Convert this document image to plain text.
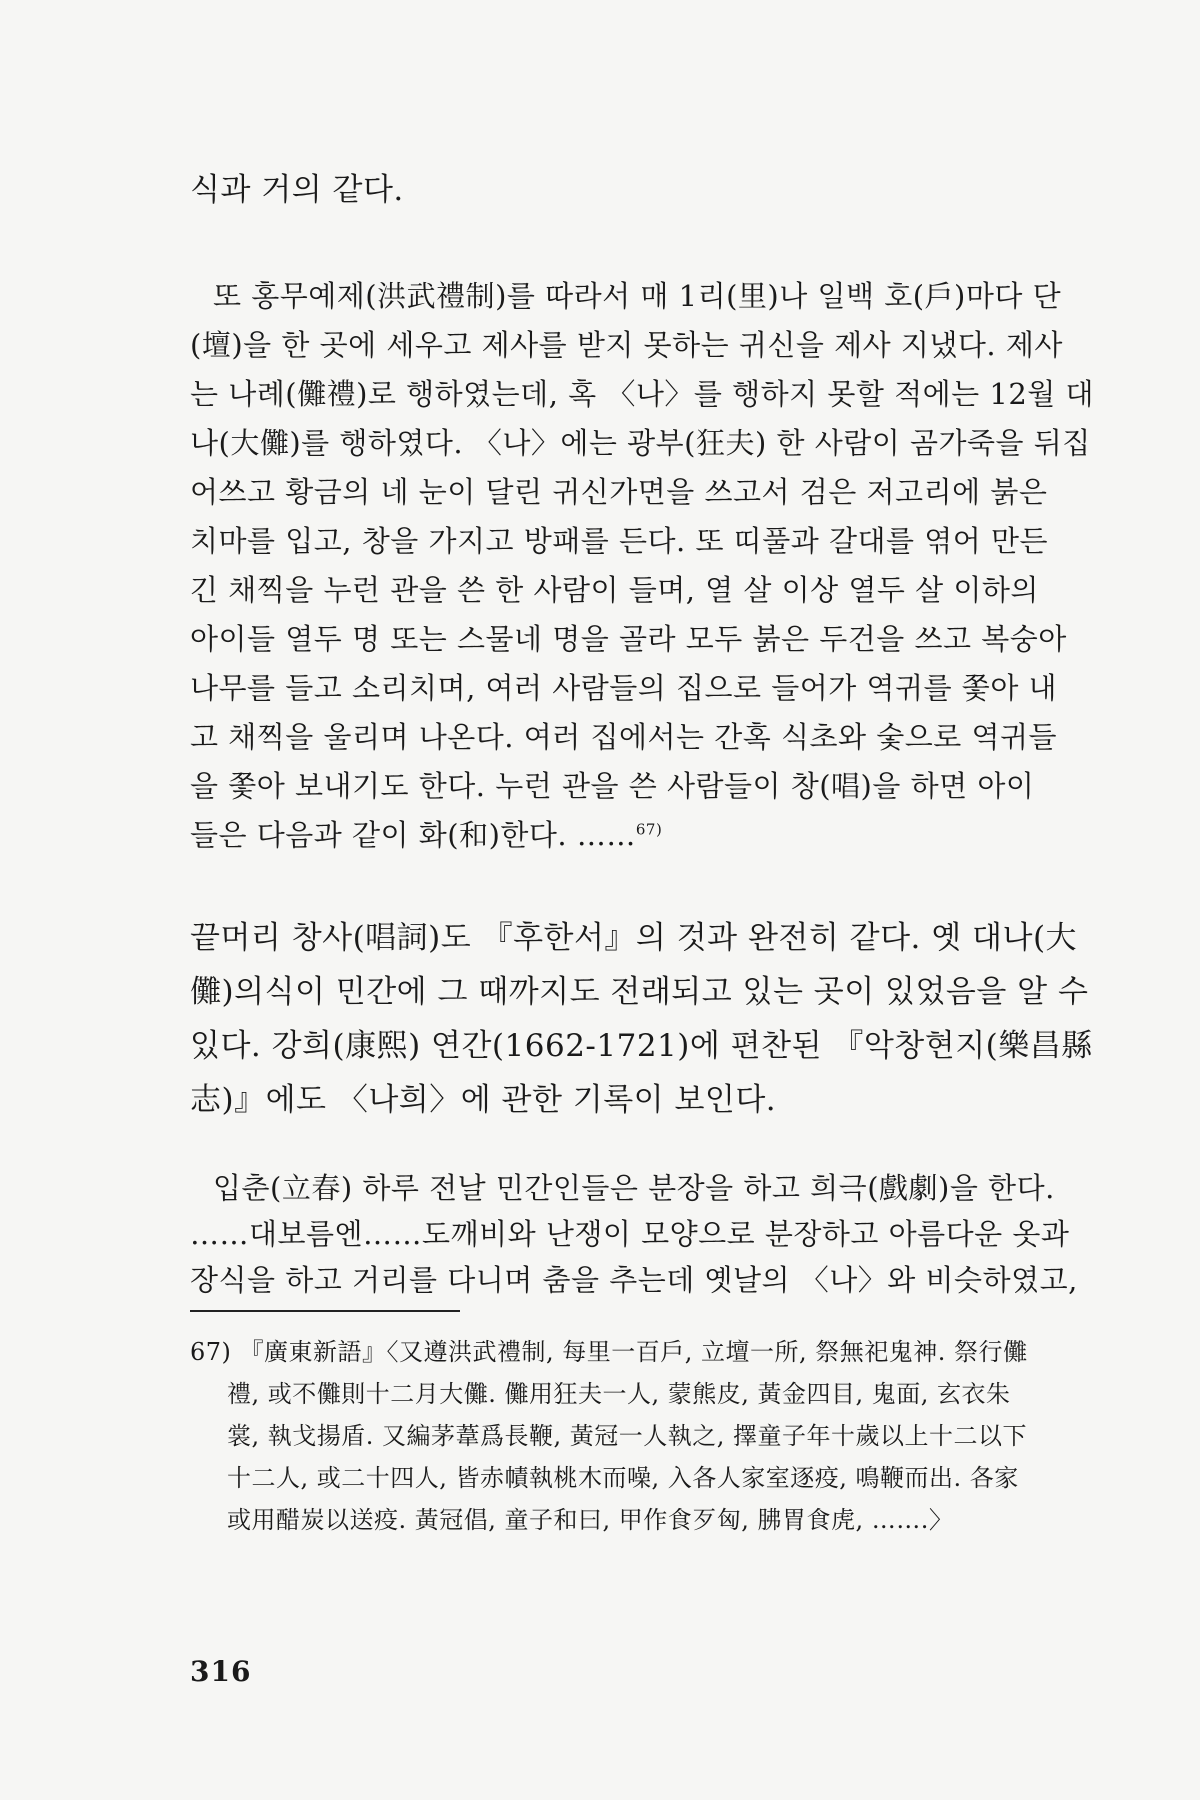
식과 거의 같다.
또 홍무예제(洪武禮制)를 따라서 매 1리(里)나 일백 호(戶)마다 단
(壇)을 한 곳에 세우고 제사를 받지 못하는 귀신을 제사 지냈다. 제사
는 나례(儺禮)로 행하였는데, 혹 〈나〉를 행하지 못할 적에는 12월 대
나(大儺)를 행하였다. 〈나〉에는 광부(狂夫) 한 사람이 곰가죽을 뒤집
어쓰고 황금의 네 눈이 달린 귀신가면을 쓰고서 검은 저고리에 붉은
치마를 입고, 창을 가지고 방패를 든다. 또 띠풀과 갈대를 엮어 만든
긴 채찍을 누런 관을 쓴 한 사람이 들며, 열 살 이상 열두 살 이하의
아이들 열두 명 또는 스물네 명을 골라 모두 붉은 두건을 쓰고 복숭아
나무를 들고 소리치며, 여러 사람들의 집으로 들어가 역귀를 쫓아 내
고 채찍을 울리며 나온다. 여러 집에서는 간혹 식초와 숯으로 역귀들
을 쫓아 보내기도 한다. 누런 관을 쓴 사람들이 창(唱)을 하면 아이
들은 다음과 같이 화(和)한다. ……$^{67)}$
끝머리 창사(唱詞)도 『후한서』의 것과 완전히 같다. 옛 대나(大
儺)의식이 민간에 그 때까지도 전래되고 있는 곳이 있었음을 알 수
있다. 강희(康熙) 연간(1662-1721)에 편찬된 『악창현지(樂昌縣
志)』에도 〈나희〉에 관한 기록이 보인다.
입춘(立春) 하루 전날 민간인들은 분장을 하고 희극(戲劇)을 한다.
……대보름엔……도깨비와 난쟁이 모양으로 분장하고 아름다운 옷과
장식을 하고 거리를 다니며 춤을 추는데 옛날의 〈나〉와 비슷하였고,
67) 『廣東新語』〈又遵洪武禮制, 每里一百戶, 立壇一所, 祭無祀鬼神. 祭行儺
禮, 或不儺則十二月大儺. 儺用狂夫一人, 蒙熊皮, 黃金四目, 鬼面, 玄衣朱
裳, 執戈揚盾. 又編茅葦爲長鞭, 黃冠一人執之, 擇童子年十歲以上十二以下
十二人, 或二十四人, 皆赤幘執桃木而噪, 入各人家室逐疫, 鳴鞭而出. 各家
或用醋炭以送疫. 黃冠倡, 童子和曰, 甲作食歹匈, 胇胃食虎, …….〉
316
